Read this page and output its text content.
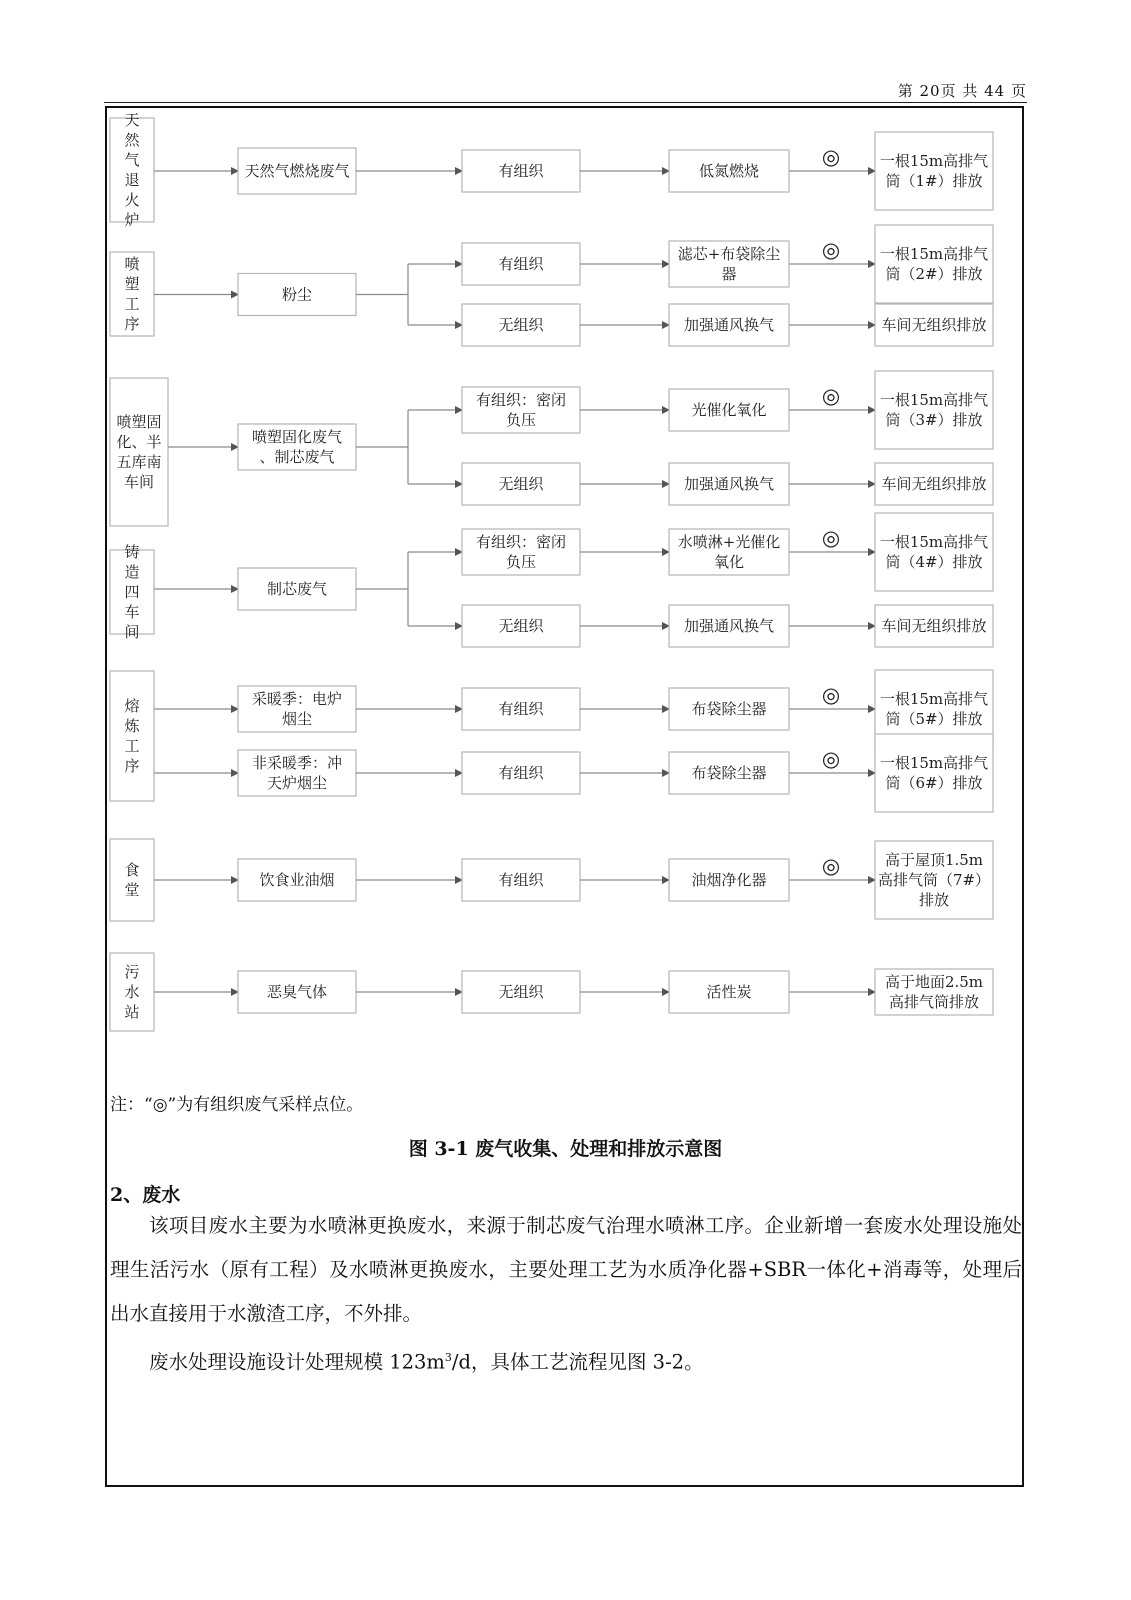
第 20页 共 44 页
天然气退火炉
天然气燃烧废气	有组织	低氮燃烧
◎	一根15m高排气筒（1#）排放
喷塑工序
粉尘
有组织
滤芯+布袋除尘器
◎	一根15m高排气筒（2#）排放
无组织	加强通风换气	车间无组织排放
喷塑固化、半五库南车间
喷塑固化废气、制芯废气
有组织：密闭负压
光催化氧化
◎	一根15m高排气筒（3#）排放
无组织	加强通风换气	车间无组织排放
铸造四车间
制芯废气
有组织：密闭负压
水喷淋+光催化氧化
◎	一根15m高排气筒（4#）排放
无组织	加强通风换气	车间无组织排放
熔炼工序
采暖季：电炉烟尘
有组织	布袋除尘器
◎	一根15m高排气筒（5#）排放
非采暖季：冲天炉烟尘
有组织	布袋除尘器
◎	一根15m高排气筒（6#）排放
食堂
饮食业油烟	有组织	油烟净化器
◎	高于屋顶1.5m 高排气筒（7#）排放
污水站
恶臭气体	无组织	活性炭
高于地面2.5m 高排气筒排放
注：“◎”为有组织废气采样点位。
图 3-1 废气收集、处理和排放示意图
2、废水
该项目废水主要为水喷淋更换废水，来源于制芯废气治理水喷淋工序。企业新增一套废水处理设施处理生活污水（原有工程）及水喷淋更换废水，主要处理工艺为水质净化器+SBR一体化+消毒等，处理后出水直接用于水激渣工序，不外排。
废水处理设施设计处理规模 $123m^3/d$，具体工艺流程见图 3-2。
